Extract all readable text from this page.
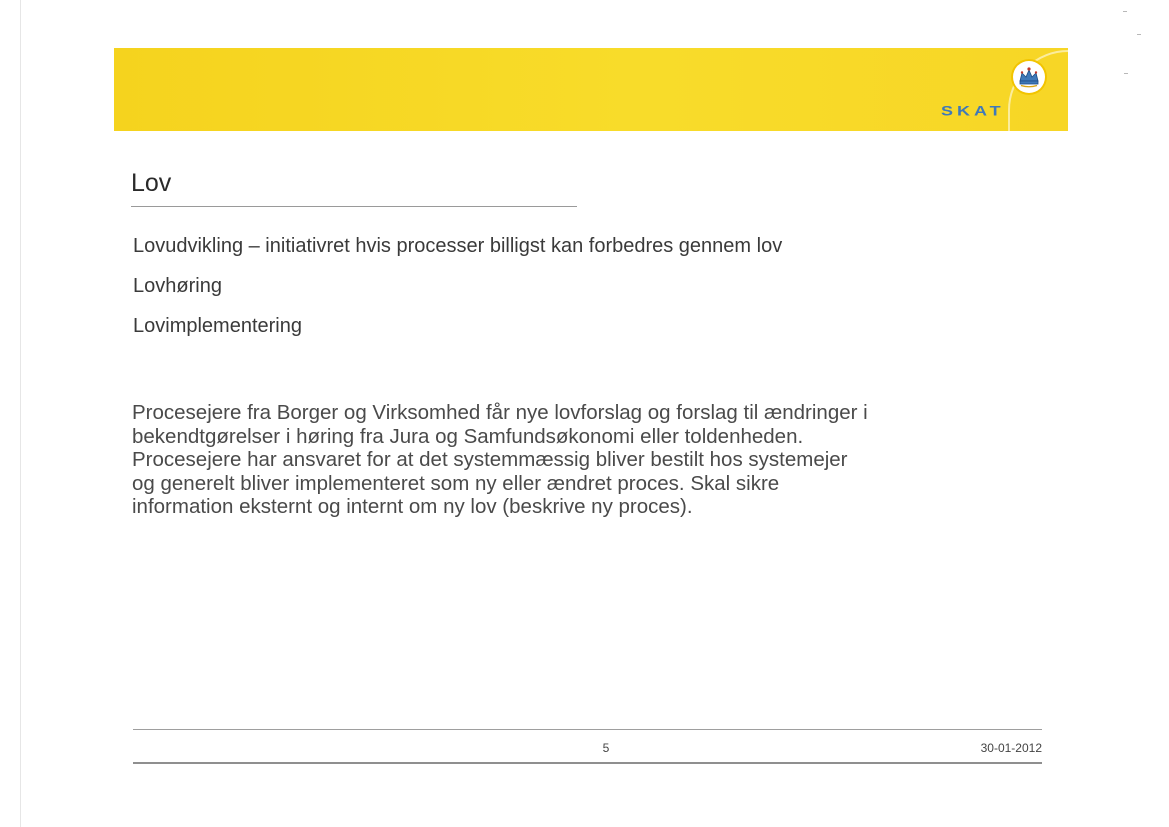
SKAT
Lov
Lovudvikling – initiativret hvis processer billigst kan forbedres gennem lov
Lovhøring
Lovimplementering

Procesejere fra Borger og Virksomhed får nye lovforslag og forslag til ændringer i
bekendtgørelser i høring fra Jura og Samfundsøkonomi eller toldenheden.
Procesejere har ansvaret for at det systemmæssig bliver bestilt hos systemejer
og generelt bliver implementeret som ny eller ændret proces. Skal sikre
information eksternt og internt om ny lov (beskrive ny proces).

5	30-01-2012
